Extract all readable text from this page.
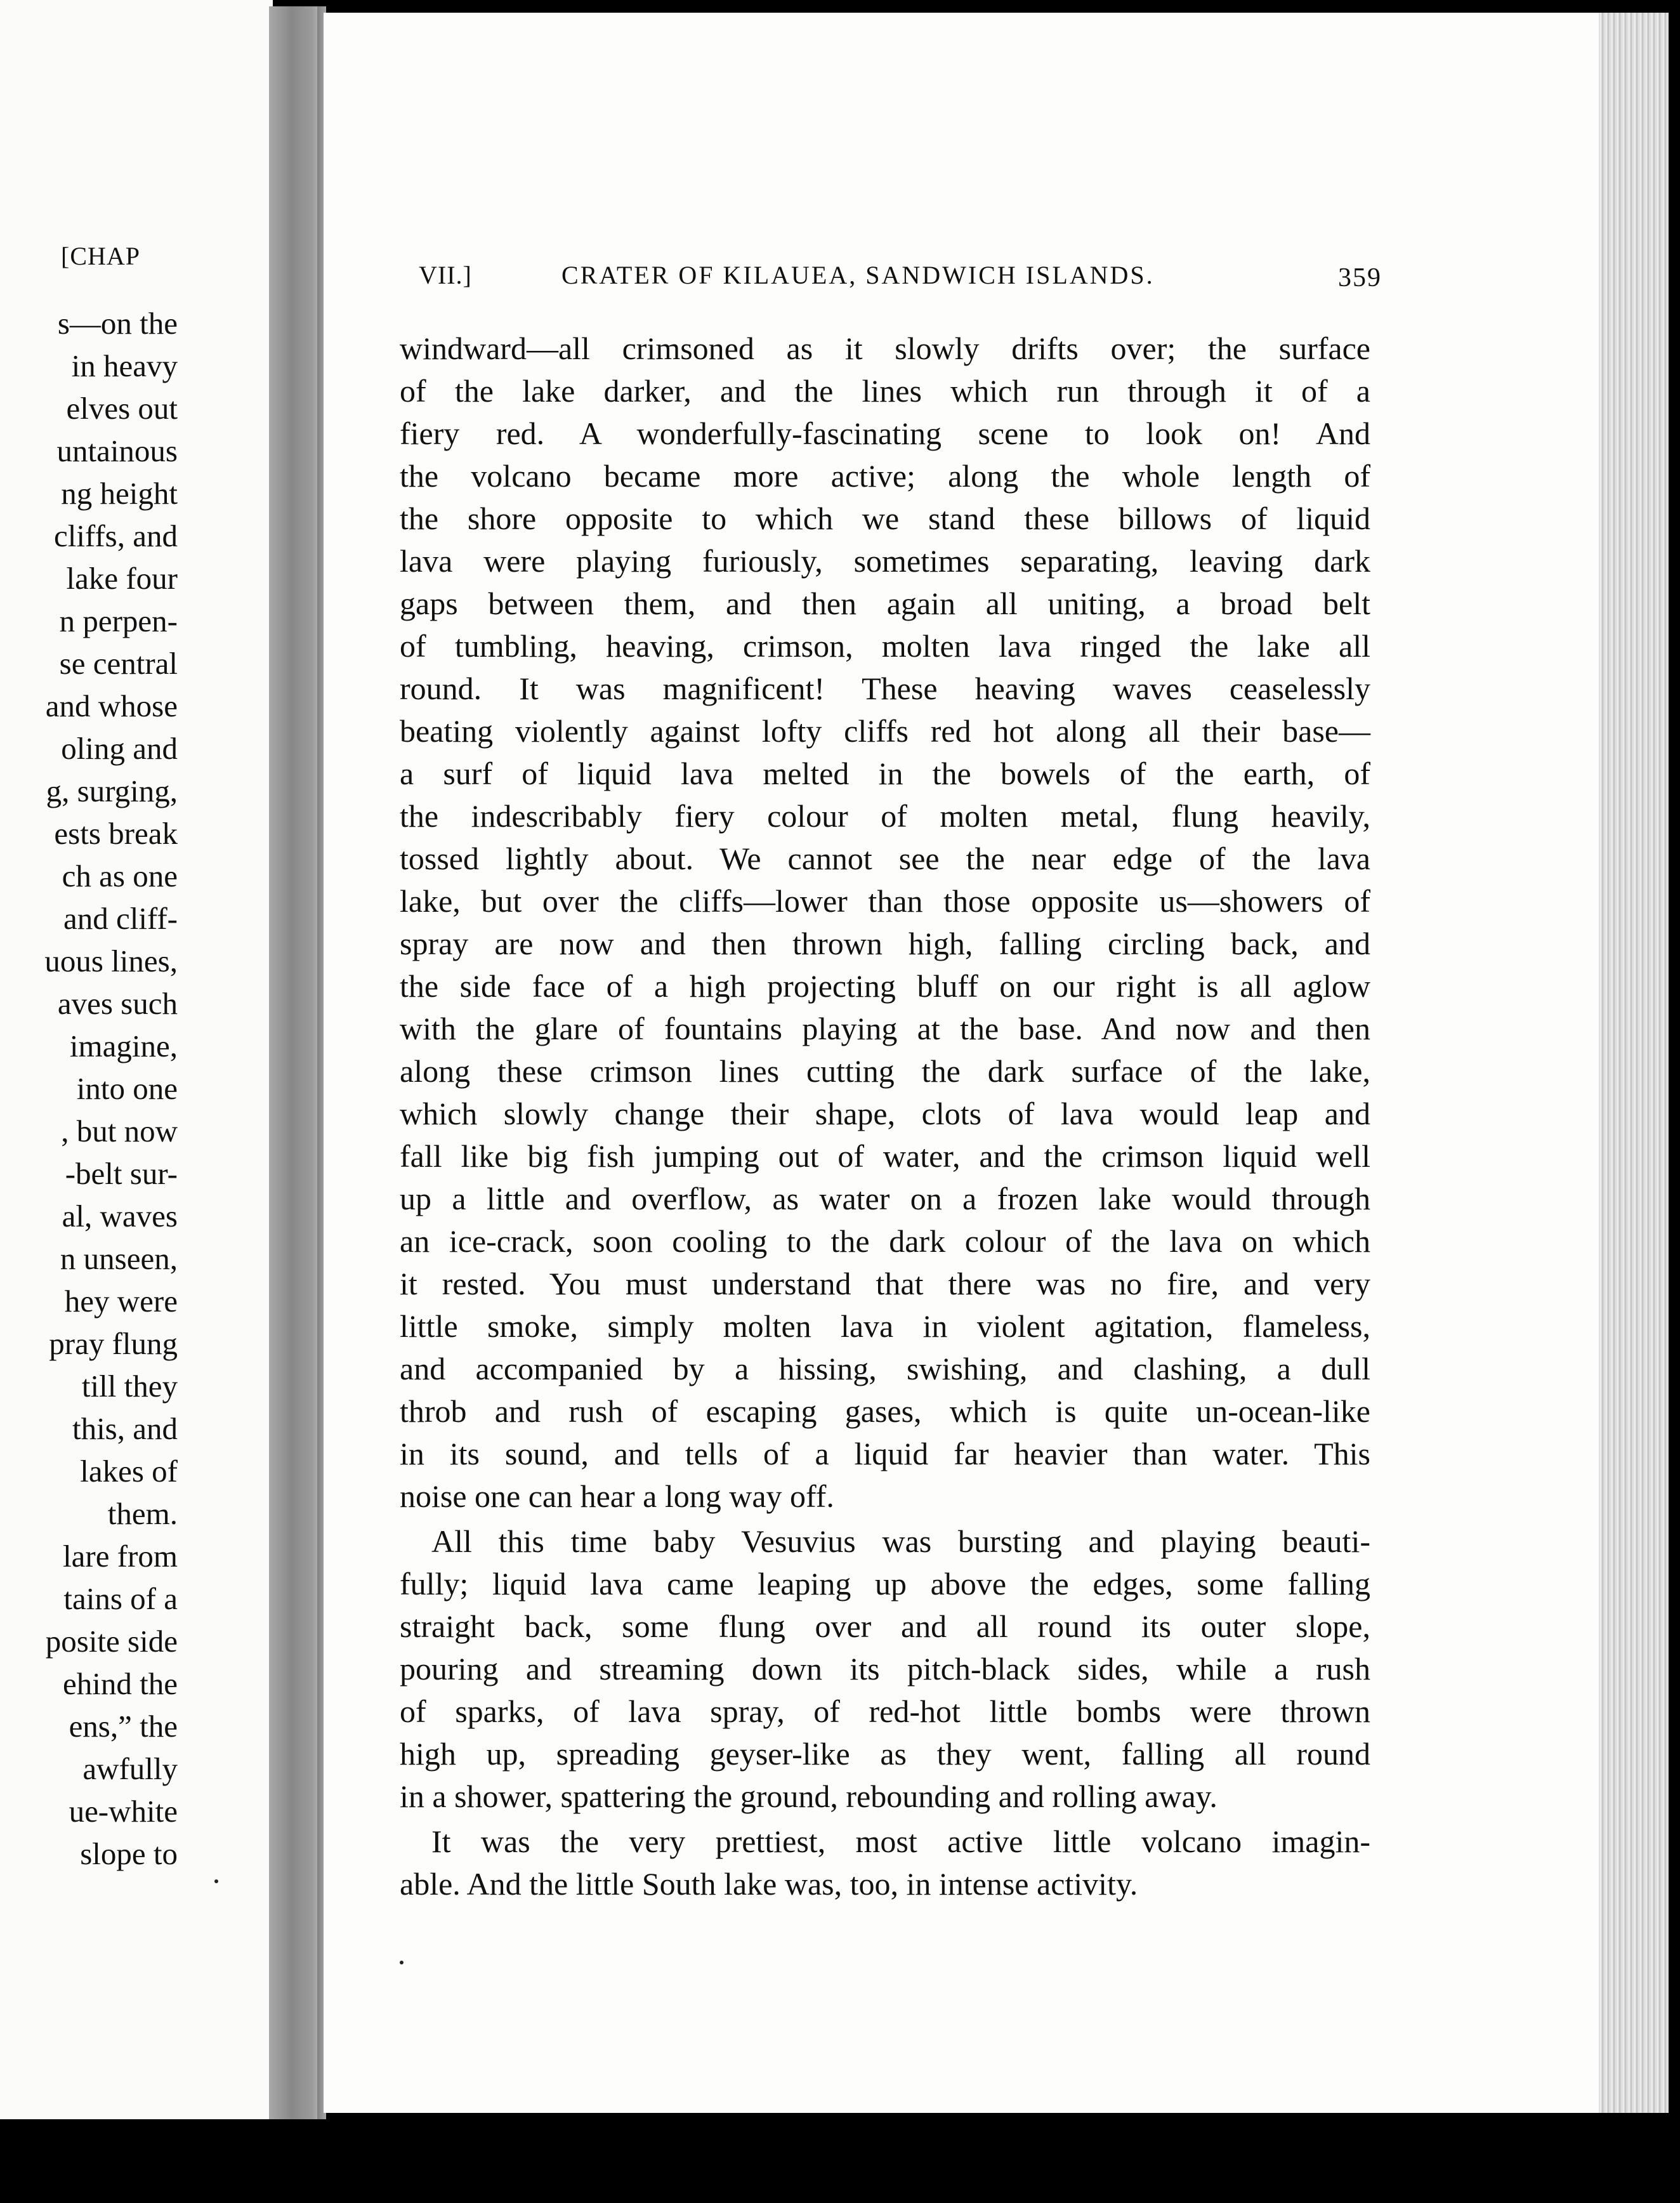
[CHAP
s—on the
in heavy
elves out
untainous
ng height
cliffs, and
lake four
n perpen-
se central
and whose
oling and
g, surging,
ests break
ch as one
and cliff-
uous lines,
aves such
imagine,
into one
, but now
-belt sur-
al, waves
n unseen,
hey were
pray flung
till they
this, and
lakes of
them.
lare from
tains of a
posite side
ehind the
ens,” the
awfully
ue-white
slope to
VII.]	CRATER OF KILAUEA, SANDWICH ISLANDS.	359
windward—all crimsoned as it slowly drifts over; the surface
of the lake darker, and the lines which run through it of a
fiery red. A wonderfully-fascinating scene to look on! And
the volcano became more active; along the whole length of
the shore opposite to which we stand these billows of liquid
lava were playing furiously, sometimes separating, leaving dark
gaps between them, and then again all uniting, a broad belt
of tumbling, heaving, crimson, molten lava ringed the lake all
round. It was magnificent! These heaving waves ceaselessly
beating violently against lofty cliffs red hot along all their base—
a surf of liquid lava melted in the bowels of the earth, of
the indescribably fiery colour of molten metal, flung heavily,
tossed lightly about. We cannot see the near edge of the lava
lake, but over the cliffs—lower than those opposite us—showers of
spray are now and then thrown high, falling circling back, and
the side face of a high projecting bluff on our right is all aglow
with the glare of fountains playing at the base. And now and then
along these crimson lines cutting the dark surface of the lake,
which slowly change their shape, clots of lava would leap and
fall like big fish jumping out of water, and the crimson liquid well
up a little and overflow, as water on a frozen lake would through
an ice-crack, soon cooling to the dark colour of the lava on which
it rested. You must understand that there was no fire, and very
little smoke, simply molten lava in violent agitation, flameless,
and accompanied by a hissing, swishing, and clashing, a dull
throb and rush of escaping gases, which is quite un-ocean-like
in its sound, and tells of a liquid far heavier than water. This
noise one can hear a long way off.
All this time baby Vesuvius was bursting and playing beauti-
fully; liquid lava came leaping up above the edges, some falling
straight back, some flung over and all round its outer slope,
pouring and streaming down its pitch-black sides, while a rush
of sparks, of lava spray, of red-hot little bombs were thrown
high up, spreading geyser-like as they went, falling all round
in a shower, spattering the ground, rebounding and rolling away.
It was the very prettiest, most active little volcano imagin-
able. And the little South lake was, too, in intense activity.
